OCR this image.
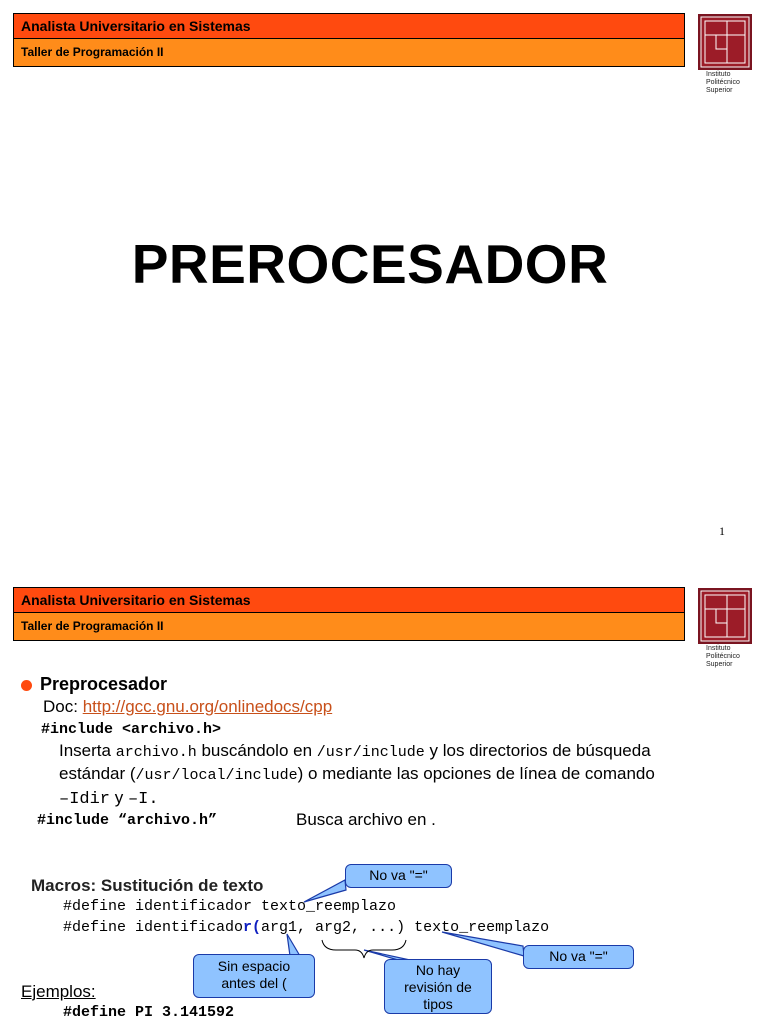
Analista Universitario en Sistemas
Taller de Programación II
Instituto
Politécnico
Superior
PREROCESADOR
1
Analista Universitario en Sistemas
Taller de Programación II
Instituto
Politécnico
Superior
Preprocesador
Doc: http://gcc.gnu.org/onlinedocs/cpp
#include <archivo.h>
Inserta archivo.h buscándolo en /usr/include y los directorios de búsqueda
estándar (/usr/local/include) o mediante las opciones de línea de comando
–Idir y –I.
#include “archivo.h”	Busca archivo en .
Macros: Sustitución de texto
#define identificador texto_reemplazo
#define identificador(arg1, arg2, ...) texto_reemplazo
Ejemplos:
#define PI 3.141592
No va "="
No va "="
Sin espacio antes del (
No hay revisión de tipos
